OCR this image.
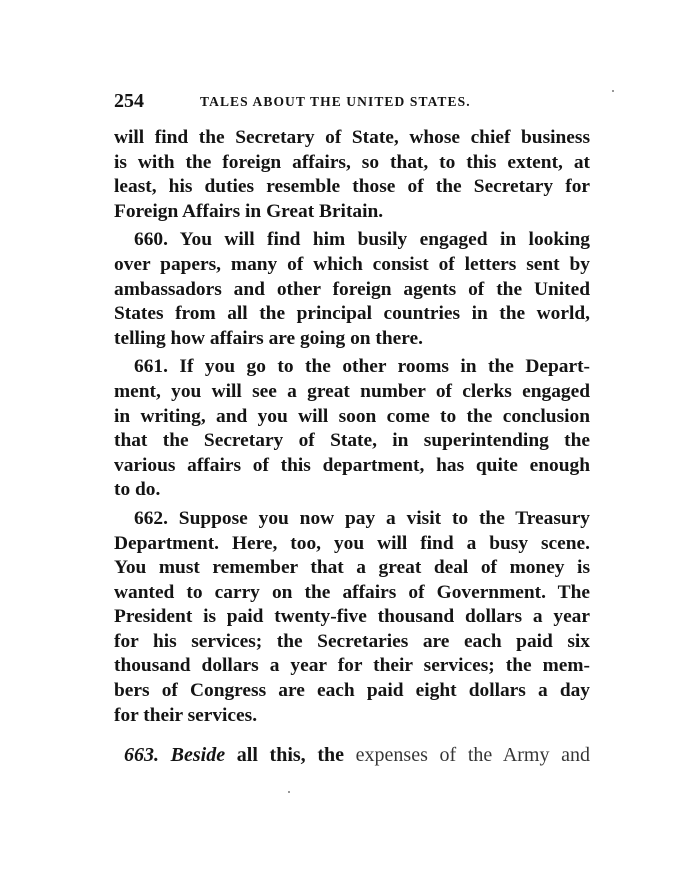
254	TALES ABOUT THE UNITED STATES.
will find the Secretary of State, whose chief business
is with the foreign affairs, so that, to this extent, at
least, his duties resemble those of the Secretary for
Foreign Affairs in Great Britain.
660. You will find him busily engaged in looking
over papers, many of which consist of letters sent by
ambassadors and other foreign agents of the United
States from all the principal countries in the world,
telling how affairs are going on there.
661. If you go to the other rooms in the Depart-
ment, you will see a great number of clerks engaged
in writing, and you will soon come to the conclusion
that the Secretary of State, in superintending the
various affairs of this department, has quite enough
to do.
662. Suppose you now pay a visit to the Treasury
Department. Here, too, you will find a busy scene.
You must remember that a great deal of money is
wanted to carry on the affairs of Government. The
President is paid twenty-five thousand dollars a year
for his services; the Secretaries are each paid six
thousand dollars a year for their services; the mem-
bers of Congress are each paid eight dollars a day
for their services.
663. Beside all this, the expenses of the Army and
